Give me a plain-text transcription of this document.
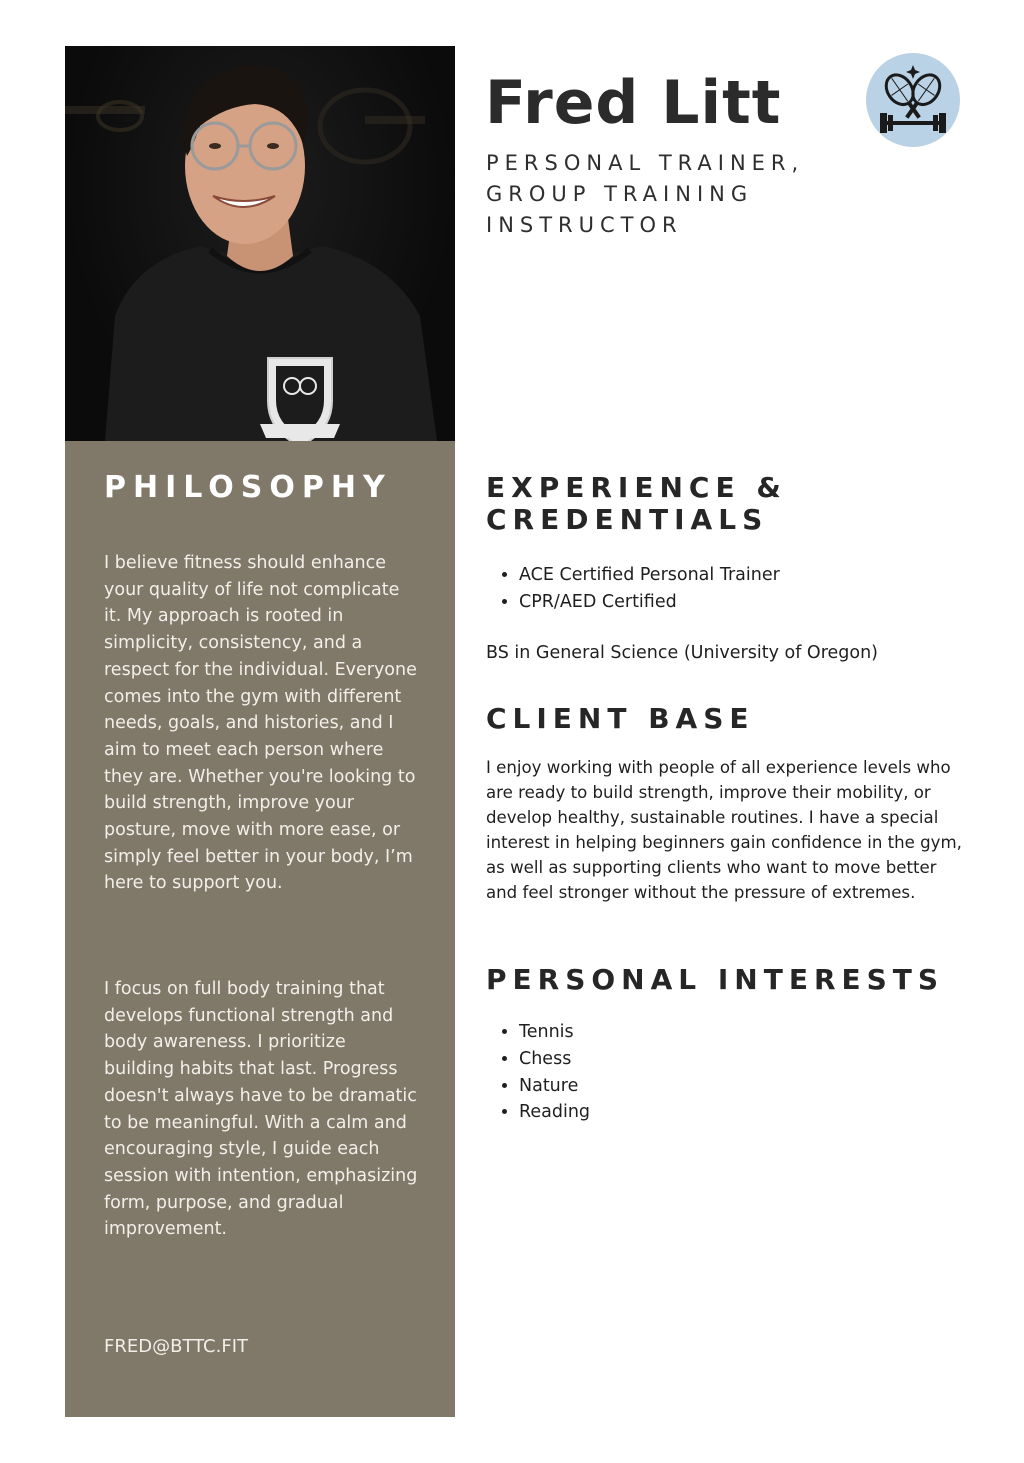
PHILOSOPHY

I believe fitness should enhance your quality of life not complicate it. My approach is rooted in simplicity, consistency, and a respect for the individual. Everyone comes into the gym with different needs, goals, and histories, and I aim to meet each person where they are. Whether you're looking to build strength, improve your posture, move with more ease, or simply feel better in your body, I’m here to support you.

I focus on full body training that develops functional strength and body awareness. I prioritize building habits that last. Progress doesn't always have to be dramatic to be meaningful. With a calm and encouraging style, I guide each session with intention, emphasizing form, purpose, and gradual improvement.

FRED@BTTC.FIT
Fred Litt
PERSONAL TRAINER,
GROUP TRAINING
INSTRUCTOR
EXPERIENCE &
CREDENTIALS
• ACE Certified Personal Trainer
• CPR/AED Certified

BS in General Science (University of Oregon)

CLIENT BASE

I enjoy working with people of all experience levels who are ready to build strength, improve their mobility, or develop healthy, sustainable routines. I have a special interest in helping beginners gain confidence in the gym, as well as supporting clients who want to move better and feel stronger without the pressure of extremes.

PERSONAL INTERESTS
• Tennis
• Chess
• Nature
• Reading
